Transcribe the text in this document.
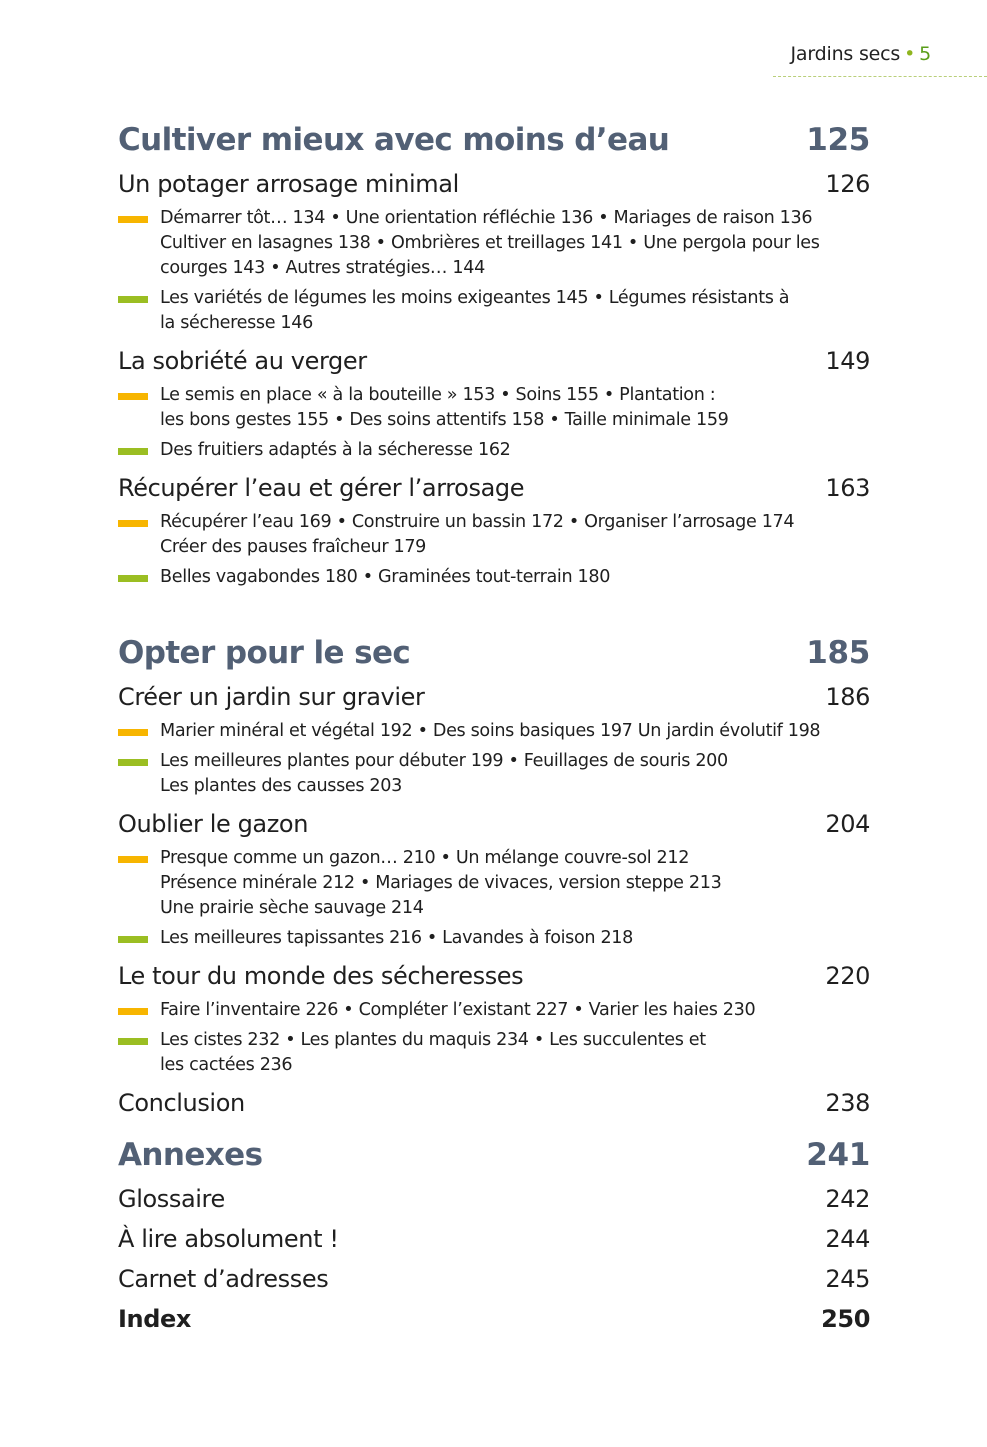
Jardins secs • 5
Cultiver mieux avec moins d’eau	125
Un potager arrosage minimal	126
Démarrer tôt… 134 • Une orientation réfléchie 136 • Mariages de raison 136
Cultiver en lasagnes 138 • Ombrières et treillages 141 • Une pergola pour les
courges 143 • Autres stratégies… 144
Les variétés de légumes les moins exigeantes 145 • Légumes résistants à
la sécheresse 146
La sobriété au verger	149
Le semis en place « à la bouteille » 153 • Soins 155 • Plantation :
les bons gestes 155 • Des soins attentifs 158 • Taille minimale 159
Des fruitiers adaptés à la sécheresse 162
Récupérer l’eau et gérer l’arrosage	163
Récupérer l’eau 169 • Construire un bassin 172 • Organiser l’arrosage 174
Créer des pauses fraîcheur 179
Belles vagabondes 180 • Graminées tout-terrain 180
Opter pour le sec	185
Créer un jardin sur gravier	186
Marier minéral et végétal 192 • Des soins basiques 197 Un jardin évolutif 198
Les meilleures plantes pour débuter 199 • Feuillages de souris 200
Les plantes des causses 203
Oublier le gazon	204
Presque comme un gazon… 210 • Un mélange couvre-sol 212
Présence minérale 212 • Mariages de vivaces, version steppe 213
Une prairie sèche sauvage 214
Les meilleures tapissantes 216 • Lavandes à foison 218
Le tour du monde des sécheresses	220
Faire l’inventaire 226 • Compléter l’existant 227 • Varier les haies 230
Les cistes 232 • Les plantes du maquis 234 • Les succulentes et
les cactées 236
Conclusion	238
Annexes	241
Glossaire	242
À lire absolument !	244
Carnet d’adresses	245
Index	250
